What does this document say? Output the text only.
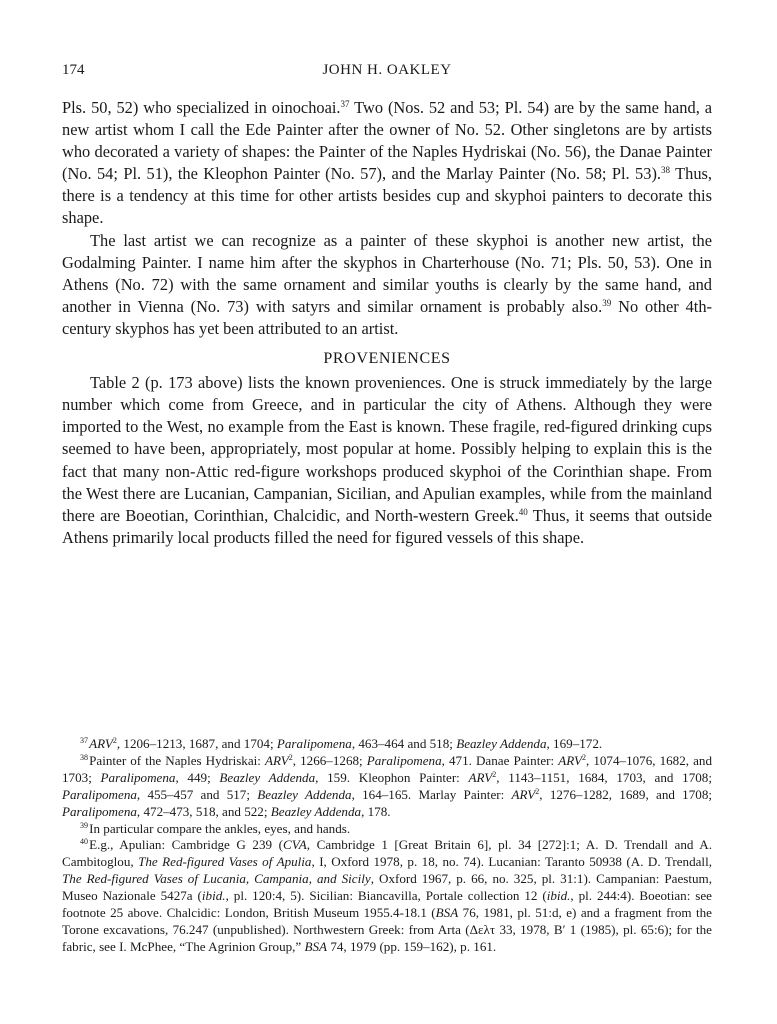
174	JOHN H. OAKLEY

Pls. 50, 52) who specialized in oinochoai.$^{37}$ Two (Nos. 52 and 53; Pl. 54) are by the same hand, a new artist whom I call the Ede Painter after the owner of No. 52. Other singletons are by artists who decorated a variety of shapes: the Painter of the Naples Hydriskai (No. 56), the Danae Painter (No. 54; Pl. 51), the Kleophon Painter (No. 57), and the Marlay Painter (No. 58; Pl. 53).$^{38}$ Thus, there is a tendency at this time for other artists besides cup and skyphoi painters to decorate this shape.

The last artist we can recognize as a painter of these skyphoi is another new artist, the Godalming Painter. I name him after the skyphos in Charterhouse (No. 71; Pls. 50, 53). One in Athens (No. 72) with the same ornament and similar youths is clearly by the same hand, and another in Vienna (No. 73) with satyrs and similar ornament is probably also.$^{39}$ No other 4th-century skyphos has yet been attributed to an artist.

PROVENIENCES

Table 2 (p. 173 above) lists the known proveniences. One is struck immediately by the large number which come from Greece, and in particular the city of Athens. Although they were imported to the West, no example from the East is known. These fragile, red-figured drinking cups seemed to have been, appropriately, most popular at home. Possibly helping to explain this is the fact that many non-Attic red-figure workshops produced skyphoi of the Corinthian shape. From the West there are Lucanian, Campanian, Sicilian, and Apulian examples, while from the mainland there are Boeotian, Corinthian, Chalcidic, and North-western Greek.$^{40}$ Thus, it seems that outside Athens primarily local products filled the need for figured vessels of this shape.

$^{37}$ ARV$^2$, 1206–1213, 1687, and 1704; Paralipomena, 463–464 and 518; Beazley Addenda, 169–172.

$^{38}$ Painter of the Naples Hydriskai: ARV$^2$, 1266–1268; Paralipomena, 471. Danae Painter: ARV$^2$, 1074–1076, 1682, and 1703; Paralipomena, 449; Beazley Addenda, 159. Kleophon Painter: ARV$^2$, 1143–1151, 1684, 1703, and 1708; Paralipomena, 455–457 and 517; Beazley Addenda, 164–165. Marlay Painter: ARV$^2$, 1276–1282, 1689, and 1708; Paralipomena, 472–473, 518, and 522; Beazley Addenda, 178.

$^{39}$ In particular compare the ankles, eyes, and hands.

$^{40}$ E.g., Apulian: Cambridge G 239 (CVA, Cambridge 1 [Great Britain 6], pl. 34 [272]:1; A. D. Trendall and A. Cambitoglou, The Red-figured Vases of Apulia, I, Oxford 1978, p. 18, no. 74). Lucanian: Taranto 50938 (A. D. Trendall, The Red-figured Vases of Lucania, Campania, and Sicily, Oxford 1967, p. 66, no. 325, pl. 31:1). Campanian: Paestum, Museo Nazionale 5427a (ibid., pl. 120:4, 5). Sicilian: Biancavilla, Portale collection 12 (ibid., pl. 244:4). Boeotian: see footnote 25 above. Chalcidic: London, British Museum 1955.4-18.1 (BSA 76, 1981, pl. 51:d, e) and a fragment from the Torone excavations, 76.247 (unpublished). Northwestern Greek: from Arta (Δελτ 33, 1978, Β′ 1 (1985), pl. 65:6); for the fabric, see I. McPhee, “The Agrinion Group,” BSA 74, 1979 (pp. 159–162), p. 161.
